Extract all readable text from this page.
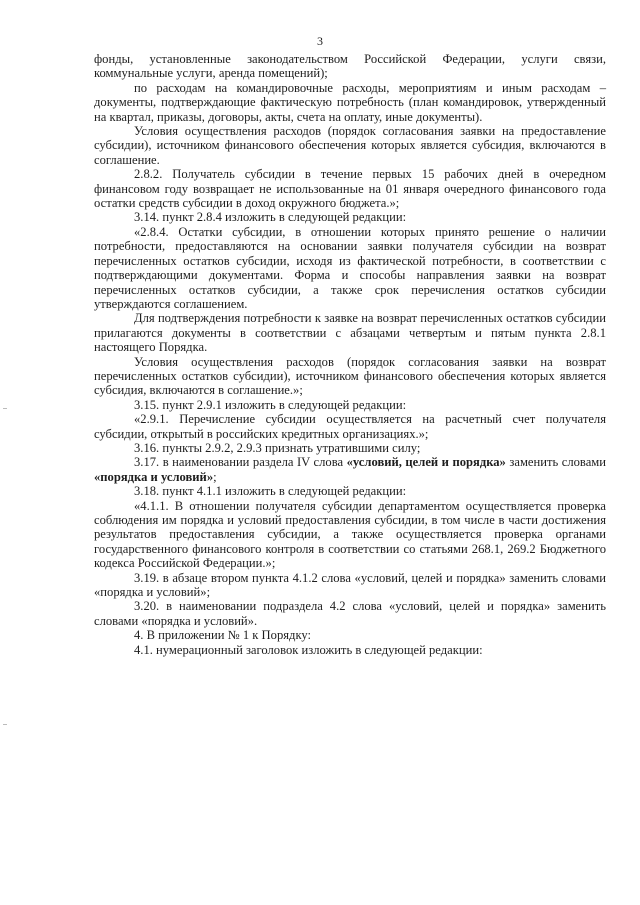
3

фонды, установленные законодательством Российской Федерации, услуги связи, коммунальные услуги, аренда помещений);

по расходам на командировочные расходы, мероприятиям и иным расходам – документы, подтверждающие фактическую потребность (план командировок, утвержденный на квартал, приказы, договоры, акты, счета на оплату, иные документы).

Условия осуществления расходов (порядок согласования заявки на предоставление субсидии), источником финансового обеспечения которых является субсидия, включаются в соглашение.

2.8.2. Получатель субсидии в течение первых 15 рабочих дней в очередном финансовом году возвращает не использованные на 01 января очередного финансового года остатки средств субсидии в доход окружного бюджета.»;

3.14. пункт 2.8.4 изложить в следующей редакции:

«2.8.4. Остатки субсидии, в отношении которых принято решение о наличии потребности, предоставляются на основании заявки получателя субсидии на возврат перечисленных остатков субсидии, исходя из фактической потребности, в соответствии с подтверждающими документами. Форма и способы направления заявки на возврат перечисленных остатков субсидии, а также срок перечисления остатков субсидии утверждаются соглашением.

Для подтверждения потребности к заявке на возврат перечисленных остатков субсидии прилагаются документы в соответствии с абзацами четвертым и пятым пункта 2.8.1 настоящего Порядка.

Условия осуществления расходов (порядок согласования заявки на возврат перечисленных остатков субсидии), источником финансового обеспечения которых является субсидия, включаются в соглашение.»;

3.15. пункт 2.9.1 изложить в следующей редакции:

«2.9.1. Перечисление субсидии осуществляется на расчетный счет получателя субсидии, открытый в российских кредитных организациях.»;

3.16. пункты 2.9.2, 2.9.3 признать утратившими силу;

3.17. в наименовании раздела IV слова «условий, целей и порядка» заменить словами «порядка и условий»;

3.18. пункт 4.1.1 изложить в следующей редакции:

«4.1.1. В отношении получателя субсидии департаментом осуществляется проверка соблюдения им порядка и условий предоставления субсидии, в том числе в части достижения результатов предоставления субсидии, а также осуществляется проверка органами государственного финансового контроля в соответствии со статьями 268.1, 269.2 Бюджетного кодекса Российской Федерации.»;

3.19. в абзаце втором пункта 4.1.2 слова «условий, целей и порядка» заменить словами «порядка и условий»;

3.20. в наименовании подраздела 4.2 слова «условий, целей и порядка» заменить словами «порядка и условий».

4. В приложении № 1 к Порядку:

4.1. нумерационный заголовок изложить в следующей редакции:
